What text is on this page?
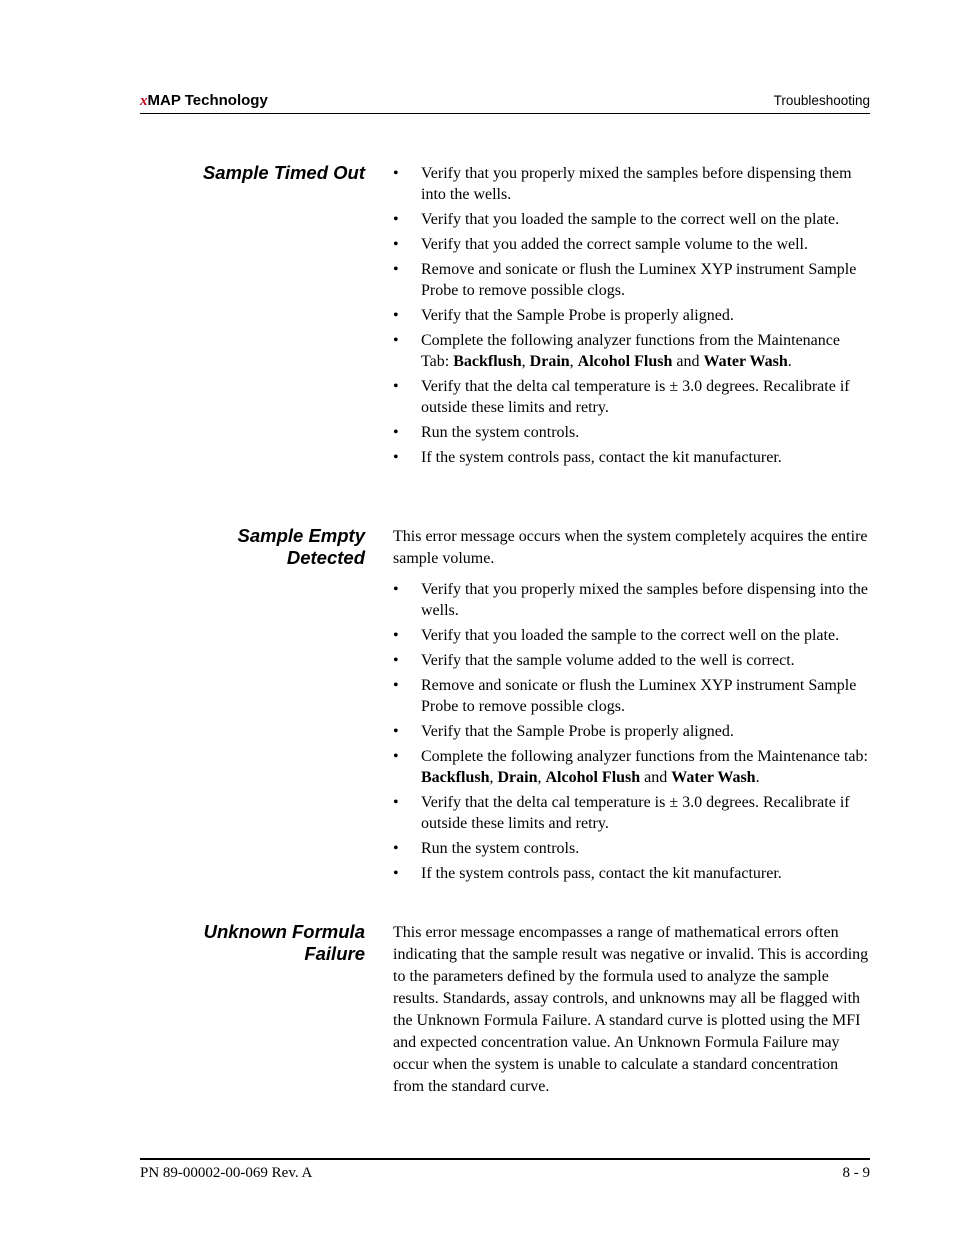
xMAP Technology	Troubleshooting
Sample Timed Out
•	Verify that you properly mixed the samples before dispensing them into the wells.
• Verify that you loaded the sample to the correct well on the plate.
• Verify that you added the correct sample volume to the well.
• Remove and sonicate or flush the Luminex XYP instrument Sample Probe to remove possible clogs.
• Verify that the Sample Probe is properly aligned.
• Complete the following analyzer functions from the Maintenance Tab: Backflush, Drain, Alcohol Flush and Water Wash.
• Verify that the delta cal temperature is ± 3.0 degrees. Recalibrate if outside these limits and retry.
• Run the system controls.
• If the system controls pass, contact the kit manufacturer.
Sample Empty
Detected

This error message occurs when the system completely acquires the entire sample volume.

• Verify that you properly mixed the samples before dispensing into the wells.
• Verify that you loaded the sample to the correct well on the plate.
• Verify that the sample volume added to the well is correct.
• Remove and sonicate or flush the Luminex XYP instrument Sample Probe to remove possible clogs.
• Verify that the Sample Probe is properly aligned.
• Complete the following analyzer functions from the Maintenance tab: Backflush, Drain, Alcohol Flush and Water Wash.
• Verify that the delta cal temperature is ± 3.0 degrees. Recalibrate if outside these limits and retry.
• Run the system controls.
• If the system controls pass, contact the kit manufacturer.
Unknown Formula
Failure

This error message encompasses a range of mathematical errors often indicating that the sample result was negative or invalid. This is according to the parameters defined by the formula used to analyze the sample results. Standards, assay controls, and unknowns may all be flagged with the Unknown Formula Failure. A standard curve is plotted using the MFI and expected concentration value. An Unknown Formula Failure may occur when the system is unable to calculate a standard concentration from the standard curve.

PN 89-00002-00-069 Rev. A	8 - 9
